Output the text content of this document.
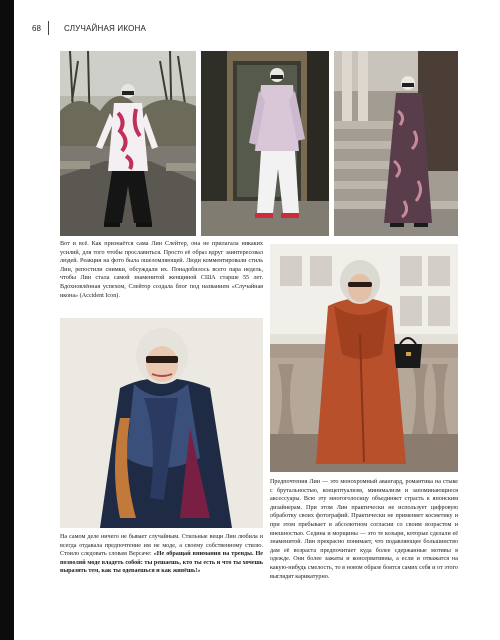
68	СЛУЧАЙНАЯ ИКОНА

Вот и всё. Как признаётся сама Лин Слейтер, она не прилагала никаких усилий, для того чтобы прославиться. Просто её образ вдруг заинтересовал людей. Реакция на фото была ошеломляющей. Люди комментировали стиль Лин, репостили снимки, обсуждали их. Понадобилось всего пара недель, чтобы Лин стала самой знаменитой женщиной США старше 55 лет. Вдохновлённая успехом, Слейтор создала блог под названием «Случайная икона» (Accident Icon).

На самом деле ничего не бывает случайным. Стильные вещи Лин любила и всегда отдавала предпочтение им не моде, а своему собственному стилю. Стоило следовать словам Версаче: «Не обращай внимания на тренды. Не позволяй моде владеть собой: ты решаешь, кто ты есть и что ты хочешь выразить тем, как ты одеваешься и как живёшь!»

Предпочтения Лин — это монохромный авангард, романтика на стыке с брутальностью, концептуализм, минимализм и запоминающиеся аксессуары. Всю эту многоголосицу объединяет страсть к японским дизайнерам. При этом Лин практически не использует цифровую обработку своих фотографий. Практически не применяет косметику и при этом пребывает в абсолютном согласии со своим возрастом и внешностью. Седина и морщины — это те козыри, которые сделали её знаменитой. Лин прекрасно понимает, что подавляющее большинство дам её возраста предпочитает куда более сдержанные мотивы в одежде. Они более зажаты и консервативны, а если и отважатся на какую-нибудь смелость, то в новом образе боятся самих себя и от этого выглядят карикатурно.
